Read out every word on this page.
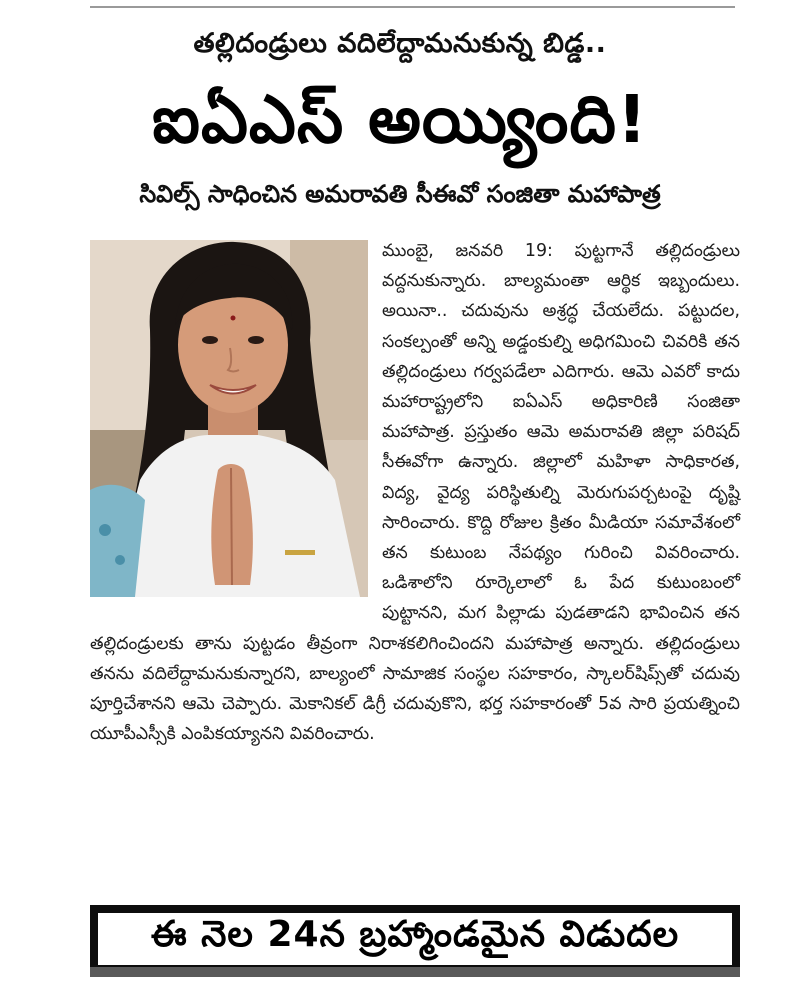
తల్లిదండ్రులు వదిలేద్దామనుకున్న బిడ్డ..
ఐఏఎస్ అయ్యింది!
సివిల్స్ సాధించిన అమరావతి సీఈవో సంజితా మహాపాత్ర
ముంబై, జనవరి 19: పుట్టగానే తల్లిదండ్రులు వద్దనుకున్నారు. బాల్యమంతా ఆర్థిక ఇబ్బందులు. అయినా.. చదువును అశ్రద్ధ చేయలేదు. పట్టుదల, సంకల్పంతో అన్ని అడ్డంకుల్ని అధిగమించి చివరికి తన తల్లిదండ్రులు గర్వపడేలా ఎదిగారు. ఆమె ఎవరో కాదు మహారాష్ట్రలోని ఐఏఎస్ అధికారిణి సంజితా మహాపాత్ర. ప్రస్తుతం ఆమె అమరావతి జిల్లా పరిషద్ సీఈవోగా ఉన్నారు. జిల్లాలో మహిళా సాధికారత, విద్య, వైద్య పరిస్థితుల్ని మెరుగుపర్చటంపై దృష్టి సారించారు. కొద్ది రోజుల క్రితం మీడియా సమావేశంలో తన కుటుంబ నేపథ్యం గురించి వివరించారు. ఒడిశాలోని రూర్కెలాలో ఓ పేద కుటుంబంలో పుట్టానని, మగ పిల్లాడు పుడతాడని భావించిన తన తల్లిదండ్రులకు తాను పుట్టడం తీవ్రంగా నిరాశకలిగించిందని మహాపాత్ర అన్నారు. తల్లిదండ్రులు తనను వదిలేద్దామనుకున్నారని, బాల్యంలో సామాజిక సంస్థల సహకారం, స్కాలర్‌షిప్స్‌తో చదువు పూర్తిచేశానని ఆమె చెప్పారు. మెకానికల్ డిగ్రీ చదువుకొని, భర్త సహకారంతో 5వ సారి ప్రయత్నించి యూపీఎస్సీకి ఎంపికయ్యానని వివరించారు.
ఈ నెల 24న బ్రహ్మాండమైన విడుదల
